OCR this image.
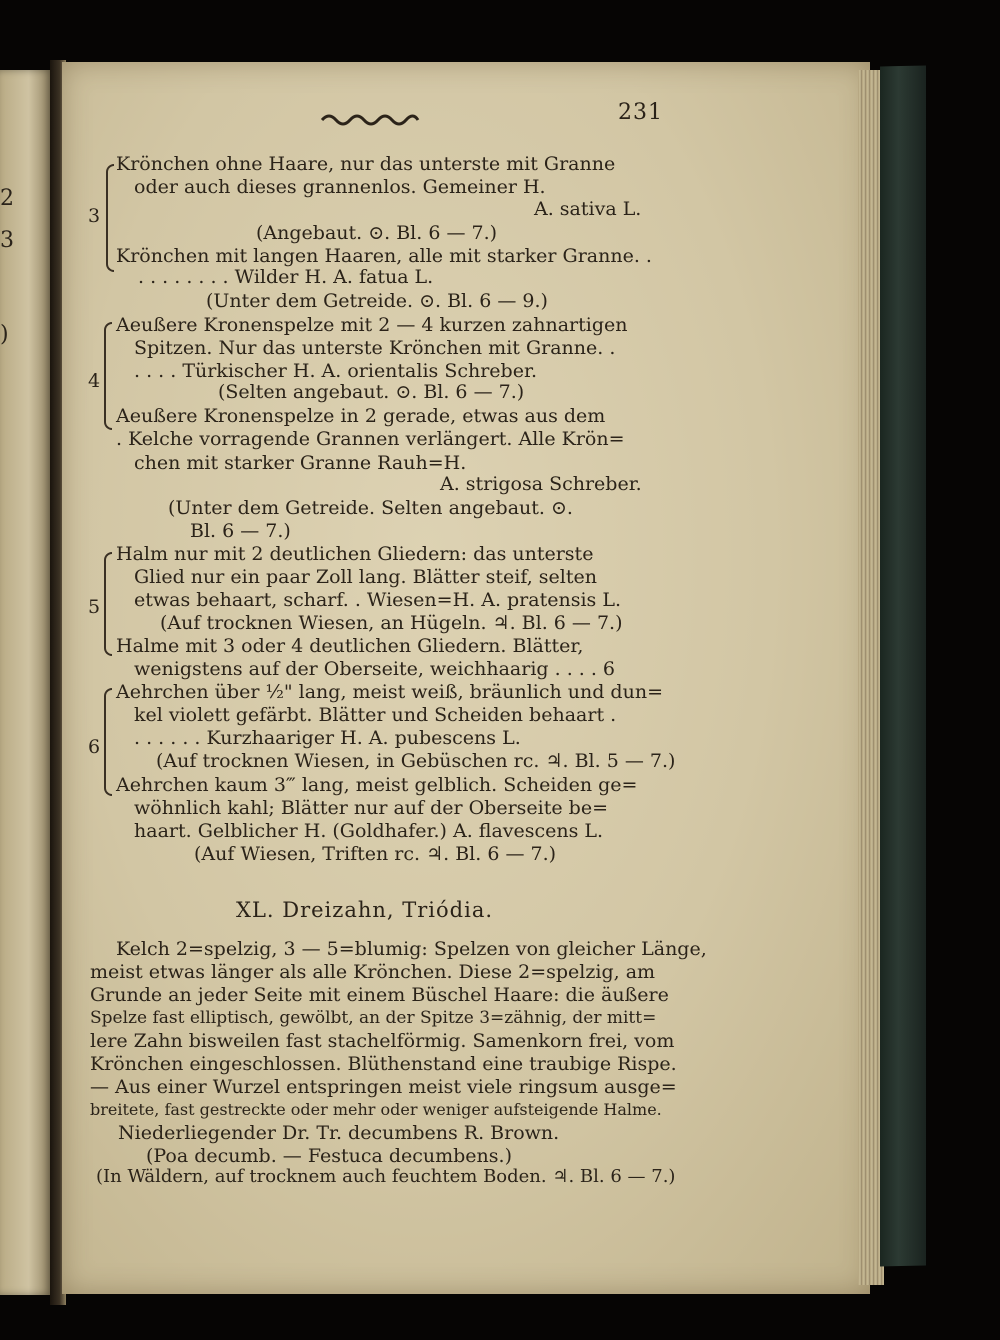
2
3
)
231
3
Krönchen ohne Haare, nur das unterste mit Granne
oder auch dieses grannenlos. Gemeiner H.
A. sativa L.
(Angebaut. ⊙. Bl. 6 — 7.)
Krönchen mit langen Haaren, alle mit starker Granne. .
. . . . . . . . Wilder H. A. fatua L.
(Unter dem Getreide. ⊙. Bl. 6 — 9.)
4
Aeußere Kronenspelze mit 2 — 4 kurzen zahnartigen
Spitzen. Nur das unterste Krönchen mit Granne. .
. . . . Türkischer H. A. orientalis Schreber.
(Selten angebaut. ⊙. Bl. 6 — 7.)
Aeußere Kronenspelze in 2 gerade, etwas aus dem
. Kelche vorragende Grannen verlängert. Alle Krön=
chen mit starker Granne Rauh=H.
A. strigosa Schreber.
(Unter dem Getreide. Selten angebaut. ⊙.
Bl. 6 — 7.)
5
Halm nur mit 2 deutlichen Gliedern: das unterste
Glied nur ein paar Zoll lang. Blätter steif, selten
etwas behaart, scharf. . Wiesen=H. A. pratensis L.
(Auf trocknen Wiesen, an Hügeln. ♃. Bl. 6 — 7.)
Halme mit 3 oder 4 deutlichen Gliedern. Blätter,
wenigstens auf der Oberseite, weichhaarig . . . . 6
6
Aehrchen über ½" lang, meist weiß, bräunlich und dun=
kel violett gefärbt. Blätter und Scheiden behaart .
. . . . . . Kurzhaariger H. A. pubescens L.
(Auf trocknen Wiesen, in Gebüschen rc. ♃. Bl. 5 — 7.)
Aehrchen kaum 3‴ lang, meist gelblich. Scheiden ge=
wöhnlich kahl; Blätter nur auf der Oberseite be=
haart. Gelblicher H. (Goldhafer.) A. flavescens L.
(Auf Wiesen, Triften rc. ♃. Bl. 6 — 7.)
XL. Dreizahn, Triódia.
Kelch 2=spelzig, 3 — 5=blumig: Spelzen von gleicher Länge,
meist etwas länger als alle Krönchen. Diese 2=spelzig, am
Grunde an jeder Seite mit einem Büschel Haare: die äußere
Spelze fast elliptisch, gewölbt, an der Spitze 3=zähnig, der mitt=
lere Zahn bisweilen fast stachelförmig. Samenkorn frei, vom
Krönchen eingeschlossen. Blüthenstand eine traubige Rispe.
— Aus einer Wurzel entspringen meist viele ringsum ausge=
breitete, fast gestreckte oder mehr oder weniger aufsteigende Halme.
Niederliegender Dr. Tr. decumbens R. Brown.
(Poa decumb. — Festuca decumbens.)
(In Wäldern, auf trocknem auch feuchtem Boden. ♃. Bl. 6 — 7.)
